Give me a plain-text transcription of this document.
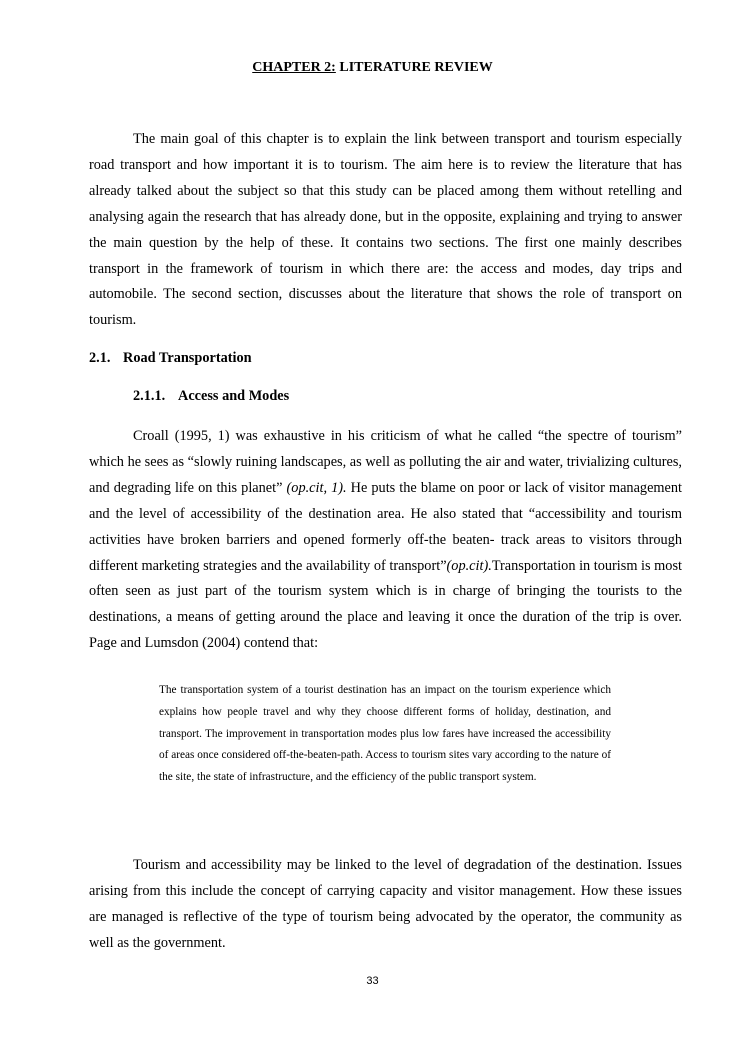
CHAPTER 2: LITERATURE REVIEW

The main goal of this chapter is to explain the link between transport and tourism especially road transport and how important it is to tourism. The aim here is to review the literature that has already talked about the subject so that this study can be placed among them without retelling and analysing again the research that has already done, but in the opposite, explaining and trying to answer the main question by the help of these. It contains two sections. The first one mainly describes transport in the framework of tourism in which there are: the access and modes, day trips and automobile. The second section, discusses about the literature that shows the role of transport on tourism.

2.1. Road Transportation
2.1.1. Access and Modes

Croall (1995, 1) was exhaustive in his criticism of what he called “the spectre of tourism” which he sees as “slowly ruining landscapes, as well as polluting the air and water, trivializing cultures, and degrading life on this planet” (op.cit, 1). He puts the blame on poor or lack of visitor management and the level of accessibility of the destination area. He also stated that “accessibility and tourism activities have broken barriers and opened formerly off-the beaten- track areas to visitors through different marketing strategies and the availability of transport”(op.cit).Transportation in tourism is most often seen as just part of the tourism system which is in charge of bringing the tourists to the destinations, a means of getting around the place and leaving it once the duration of the trip is over. Page and Lumsdon (2004) contend that:

The transportation system of a tourist destination has an impact on the tourism experience which explains how people travel and why they choose different forms of holiday, destination, and transport. The improvement in transportation modes plus low fares have increased the accessibility of areas once considered off-the-beaten-path. Access to tourism sites vary according to the nature of the site, the state of infrastructure, and the efficiency of the public transport system.

Tourism and accessibility may be linked to the level of degradation of the destination. Issues arising from this include the concept of carrying capacity and visitor management. How these issues are managed is reflective of the type of tourism being advocated by the operator, the community as well as the government.

33
